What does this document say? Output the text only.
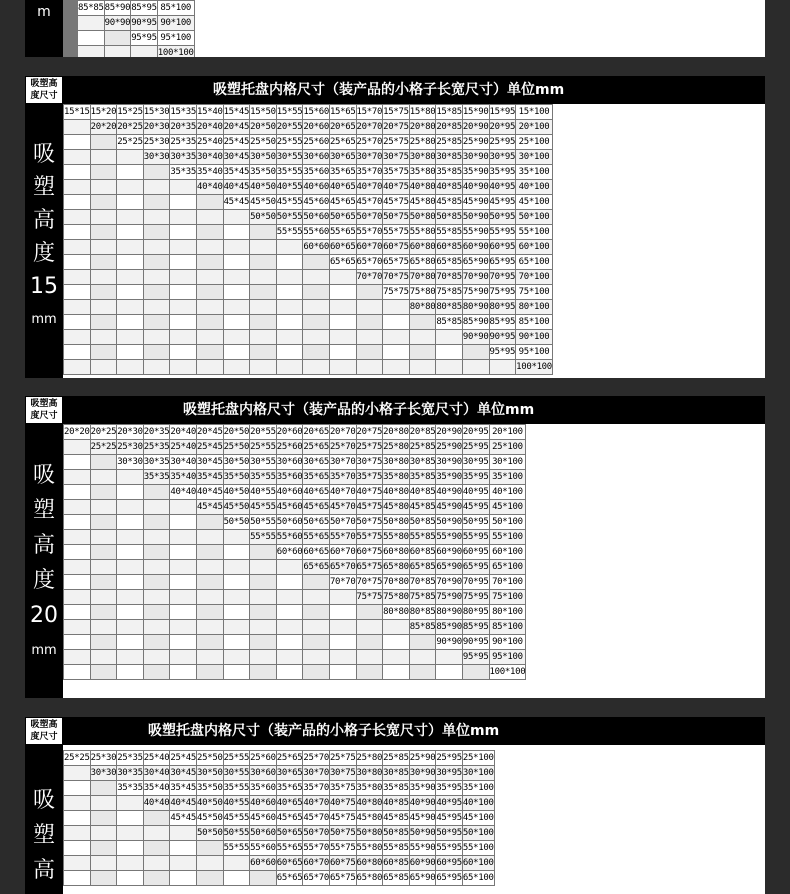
m
															85*85	85*90	85*95	85*100
															90*90	90*95	90*100
																95*95	95*100
																	100*100
吸塑高
度尺寸	吸塑托盘内格尺寸（装产品的小格子长宽尺寸）单位mm
吸
塑
高
度
15
mm
15*15	15*20	15*25	15*30	15*35	15*40	15*45	15*50	15*55	15*60	15*65	15*70	15*75	15*80	15*85	15*90	15*95	15*100
	20*20	20*25	20*30	20*35	20*40	20*45	20*50	20*55	20*60	20*65	20*70	20*75	20*80	20*85	20*90	20*95	20*100
		25*25	25*30	25*35	25*40	25*45	25*50	25*55	25*60	25*65	25*70	25*75	25*80	25*85	25*90	25*95	25*100
			30*30	30*35	30*40	30*45	30*50	30*55	30*60	30*65	30*70	30*75	30*80	30*85	30*90	30*95	30*100
				35*35	35*40	35*45	35*50	35*55	35*60	35*65	35*70	35*75	35*80	35*85	35*90	35*95	35*100
					40*40	40*45	40*50	40*55	40*60	40*65	40*70	40*75	40*80	40*85	40*90	40*95	40*100
						45*45	45*50	45*55	45*60	45*65	45*70	45*75	45*80	45*85	45*90	45*95	45*100
							50*50	50*55	50*60	50*65	50*70	50*75	50*80	50*85	50*90	50*95	50*100
								55*55	55*60	55*65	55*70	55*75	55*80	55*85	55*90	55*95	55*100
									60*60	60*65	60*70	60*75	60*80	60*85	60*90	60*95	60*100
										65*65	65*70	65*75	65*80	65*85	65*90	65*95	65*100
											70*70	70*75	70*80	70*85	70*90	70*95	70*100
												75*75	75*80	75*85	75*90	75*95	75*100
													80*80	80*85	80*90	80*95	80*100
														85*85	85*90	85*95	85*100
															90*90	90*95	90*100
																95*95	95*100
																	100*100
吸塑高
度尺寸	吸塑托盘内格尺寸（装产品的小格子长宽尺寸）单位mm
吸
塑
高
度
20
mm
20*20	20*25	20*30	20*35	20*40	20*45	20*50	20*55	20*60	20*65	20*70	20*75	20*80	20*85	20*90	20*95	20*100
	25*25	25*30	25*35	25*40	25*45	25*50	25*55	25*60	25*65	25*70	25*75	25*80	25*85	25*90	25*95	25*100
		30*30	30*35	30*40	30*45	30*50	30*55	30*60	30*65	30*70	30*75	30*80	30*85	30*90	30*95	30*100
			35*35	35*40	35*45	35*50	35*55	35*60	35*65	35*70	35*75	35*80	35*85	35*90	35*95	35*100
				40*40	40*45	40*50	40*55	40*60	40*65	40*70	40*75	40*80	40*85	40*90	40*95	40*100
					45*45	45*50	45*55	45*60	45*65	45*70	45*75	45*80	45*85	45*90	45*95	45*100
						50*50	50*55	50*60	50*65	50*70	50*75	50*80	50*85	50*90	50*95	50*100
							55*55	55*60	55*65	55*70	55*75	55*80	55*85	55*90	55*95	55*100
								60*60	60*65	60*70	60*75	60*80	60*85	60*90	60*95	60*100
									65*65	65*70	65*75	65*80	65*85	65*90	65*95	65*100
										70*70	70*75	70*80	70*85	70*90	70*95	70*100
											75*75	75*80	75*85	75*90	75*95	75*100
												80*80	80*85	80*90	80*95	80*100
													85*85	85*90	85*95	85*100
														90*90	90*95	90*100
															95*95	95*100
																100*100
吸塑高
度尺寸	吸塑托盘内格尺寸（装产品的小格子长宽尺寸）单位mm
吸
塑
高
25*25	25*30	25*35	25*40	25*45	25*50	25*55	25*60	25*65	25*70	25*75	25*80	25*85	25*90	25*95	25*100
	30*30	30*35	30*40	30*45	30*50	30*55	30*60	30*65	30*70	30*75	30*80	30*85	30*90	30*95	30*100
		35*35	35*40	35*45	35*50	35*55	35*60	35*65	35*70	35*75	35*80	35*85	35*90	35*95	35*100
			40*40	40*45	40*50	40*55	40*60	40*65	40*70	40*75	40*80	40*85	40*90	40*95	40*100
				45*45	45*50	45*55	45*60	45*65	45*70	45*75	45*80	45*85	45*90	45*95	45*100
					50*50	50*55	50*60	50*65	50*70	50*75	50*80	50*85	50*90	50*95	50*100
						55*55	55*60	55*65	55*70	55*75	55*80	55*85	55*90	55*95	55*100
							60*60	60*65	60*70	60*75	60*80	60*85	60*90	60*95	60*100
								65*65	65*70	65*75	65*80	65*85	65*90	65*95	65*100
